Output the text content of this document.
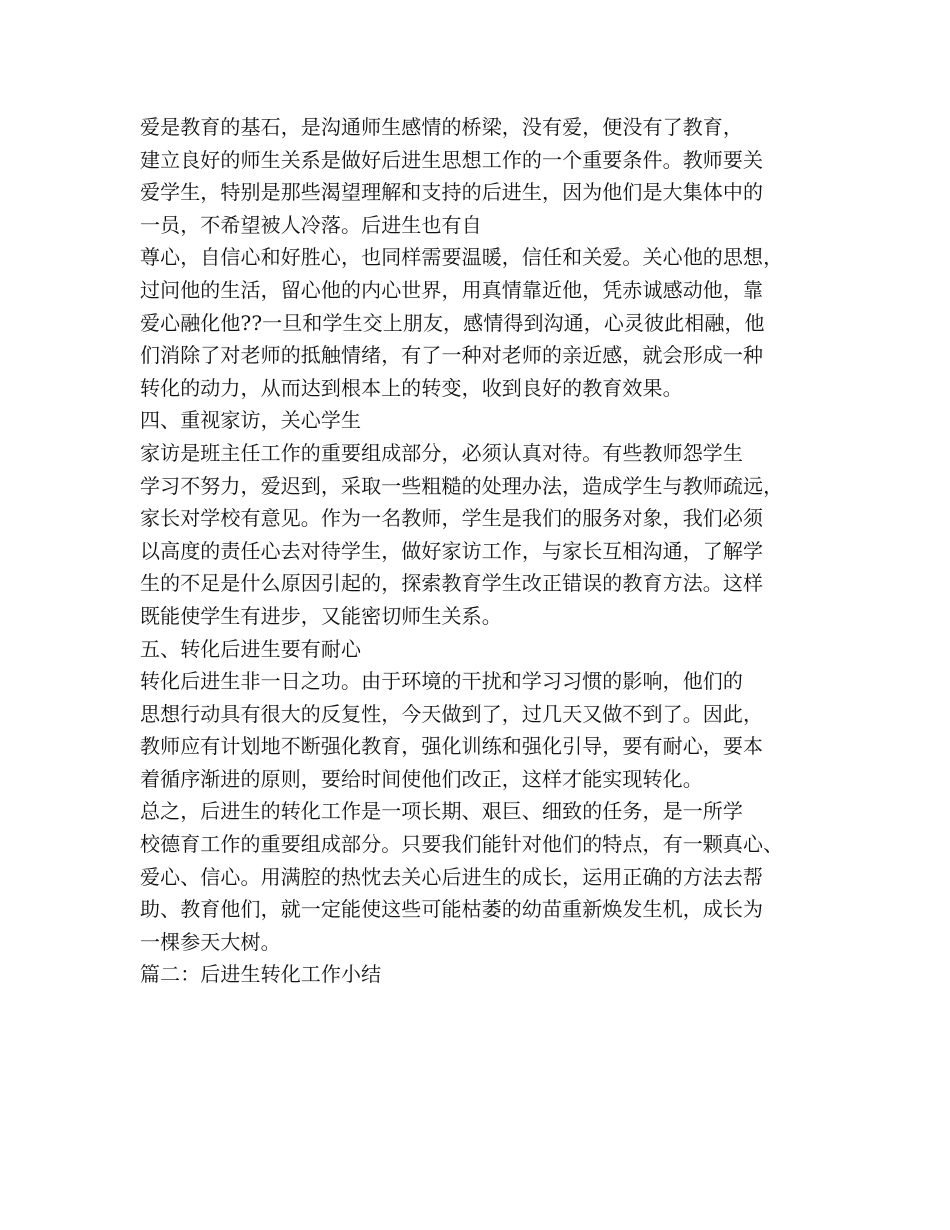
爱是教育的基石，是沟通师生感情的桥梁，没有爱，便没有了教育，
建立良好的师生关系是做好后进生思想工作的一个重要条件。教师要关
爱学生，特别是那些渴望理解和支持的后进生，因为他们是大集体中的
一员，不希望被人冷落。后进生也有自
尊心，自信心和好胜心，也同样需要温暖，信任和关爱。关心他的思想，
过问他的生活，留心他的内心世界，用真情靠近他，凭赤诚感动他，靠
爱心融化他??一旦和学生交上朋友，感情得到沟通，心灵彼此相融，他
们消除了对老师的抵触情绪，有了一种对老师的亲近感，就会形成一种
转化的动力，从而达到根本上的转变，收到良好的教育效果。
四、重视家访，关心学生
家访是班主任工作的重要组成部分，必须认真对待。有些教师怨学生
学习不努力，爱迟到，采取一些粗糙的处理办法，造成学生与教师疏远，
家长对学校有意见。作为一名教师，学生是我们的服务对象，我们必须
以高度的责任心去对待学生，做好家访工作，与家长互相沟通，了解学
生的不足是什么原因引起的，探索教育学生改正错误的教育方法。这样
既能使学生有进步，又能密切师生关系。
五、转化后进生要有耐心
转化后进生非一日之功。由于环境的干扰和学习习惯的影响，他们的
思想行动具有很大的反复性，今天做到了，过几天又做不到了。因此，
教师应有计划地不断强化教育，强化训练和强化引导，要有耐心，要本
着循序渐进的原则，要给时间使他们改正，这样才能实现转化。
总之，后进生的转化工作是一项长期、艰巨、细致的任务，是一所学
校德育工作的重要组成部分。只要我们能针对他们的特点，有一颗真心、
爱心、信心。用满腔的热忱去关心后进生的成长，运用正确的方法去帮
助、教育他们，就一定能使这些可能枯萎的幼苗重新焕发生机，成长为
一棵参天大树。
篇二：后进生转化工作小结
